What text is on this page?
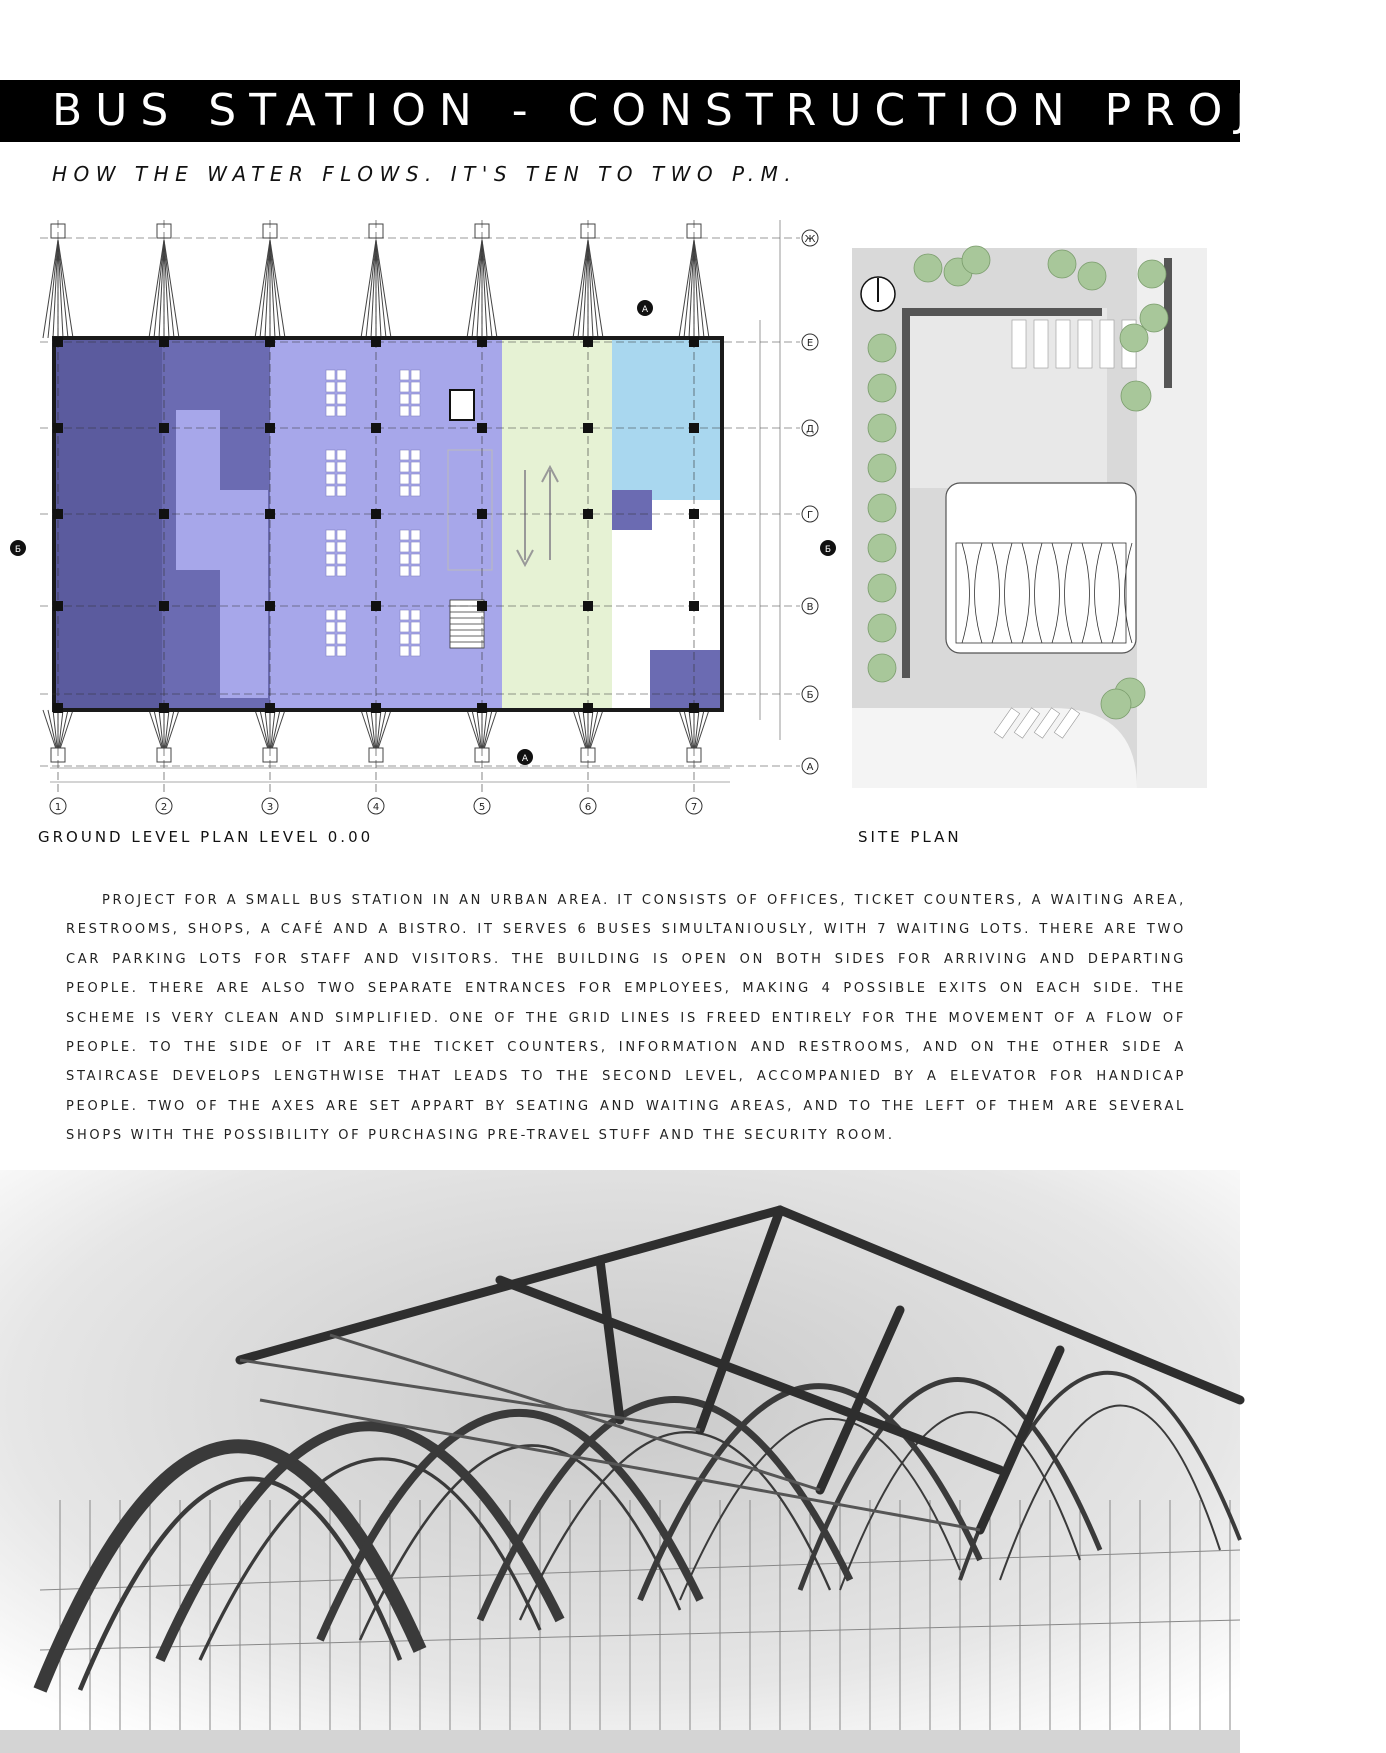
BUS STATION - CONSTRUCTION PROJECT
HOW THE WATER FLOWS. IT'S TEN TO TWO P.M.
Б	Б
А
А
1	2	3	4	5	6	7
Ж
Е
Д
Г
В
Б
А
GROUND LEVEL PLAN LEVEL 0.00	SITE PLAN
PROJECT FOR A SMALL BUS STATION IN AN URBAN AREA. IT CONSISTS OF OFFICES, TICKET COUNTERS, A WAITING AREA, RESTROOMS, SHOPS, A CAFÉ AND A BISTRO. IT SERVES 6 BUSES SIMULTANIOUSLY, WITH 7 WAITING LOTS. THERE ARE TWO CAR PARKING LOTS FOR STAFF AND VISITORS. THE BUILDING IS OPEN ON BOTH SIDES FOR ARRIVING AND DEPARTING PEOPLE. THERE ARE ALSO TWO SEPARATE ENTRANCES FOR EMPLOYEES, MAKING 4 POSSIBLE EXITS ON EACH SIDE. THE SCHEME IS VERY CLEAN AND SIMPLIFIED. ONE OF THE GRID LINES IS FREED ENTIRELY FOR THE MOVEMENT OF A FLOW OF PEOPLE. TO THE SIDE OF IT ARE THE TICKET COUNTERS, INFORMATION AND RESTROOMS, AND ON THE OTHER SIDE A STAIRCASE DEVELOPS LENGTHWISE THAT LEADS TO THE SECOND LEVEL, ACCOMPANIED BY A ELEVATOR FOR HANDICAP PEOPLE. TWO OF THE AXES ARE SET APPART BY SEATING AND WAITING AREAS, AND TO THE LEFT OF THEM ARE SEVERAL SHOPS WITH THE POSSIBILITY OF PURCHASING PRE-TRAVEL STUFF AND THE SECURITY ROOM.
